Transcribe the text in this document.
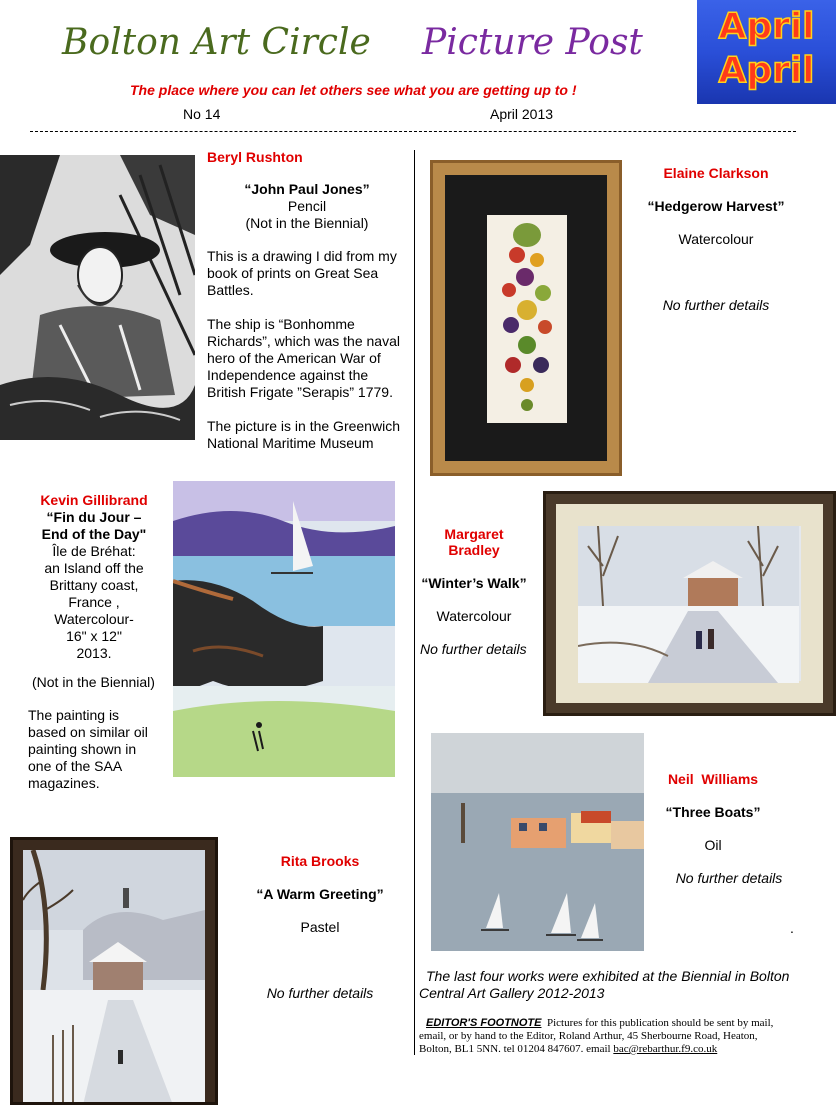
Bolton Art Circle Picture Post	April
April
The place where you can let others see what you are getting up to !
No 14	April 2013
Beryl Rushton
“John Paul Jones”
Pencil
(Not in the Biennial)
This is a drawing I did from my
book of prints on Great Sea
Battles.
The ship is “Bonhomme
Richards”, which was the naval
hero of the American War of
Independence against the
British Frigate ”Serapis” 1779.
The picture is in the Greenwich
National Maritime Museum
Elaine Clarkson
“Hedgerow Harvest”
Watercolour
No further details
Kevin Gillibrand
“Fin du Jour –
End of the Day"
Île de Bréhat:
an Island off the
Brittany coast,
France ,
Watercolour-
16" x 12"
2013.
(Not in the Biennial)
The painting is
based on similar oil
painting shown in
one of the SAA
magazines.
Margaret
Bradley
“Winter’s Walk”
Watercolour
No further details
Neil  Williams
“Three Boats”
Oil
No further details
.
Rita Brooks
“A Warm Greeting”
Pastel
No further details
The last four works were exhibited at the Biennial in Bolton
Central Art Gallery 2012-2013
EDITOR'S FOOTNOTE Pictures for this publication should be sent by mail,
email, or by hand to the Editor, Roland Arthur, 45 Sherbourne Road, Heaton,
Bolton, BL1 5NN. tel 01204 847607. email bac@rebarthur.f9.co.uk
